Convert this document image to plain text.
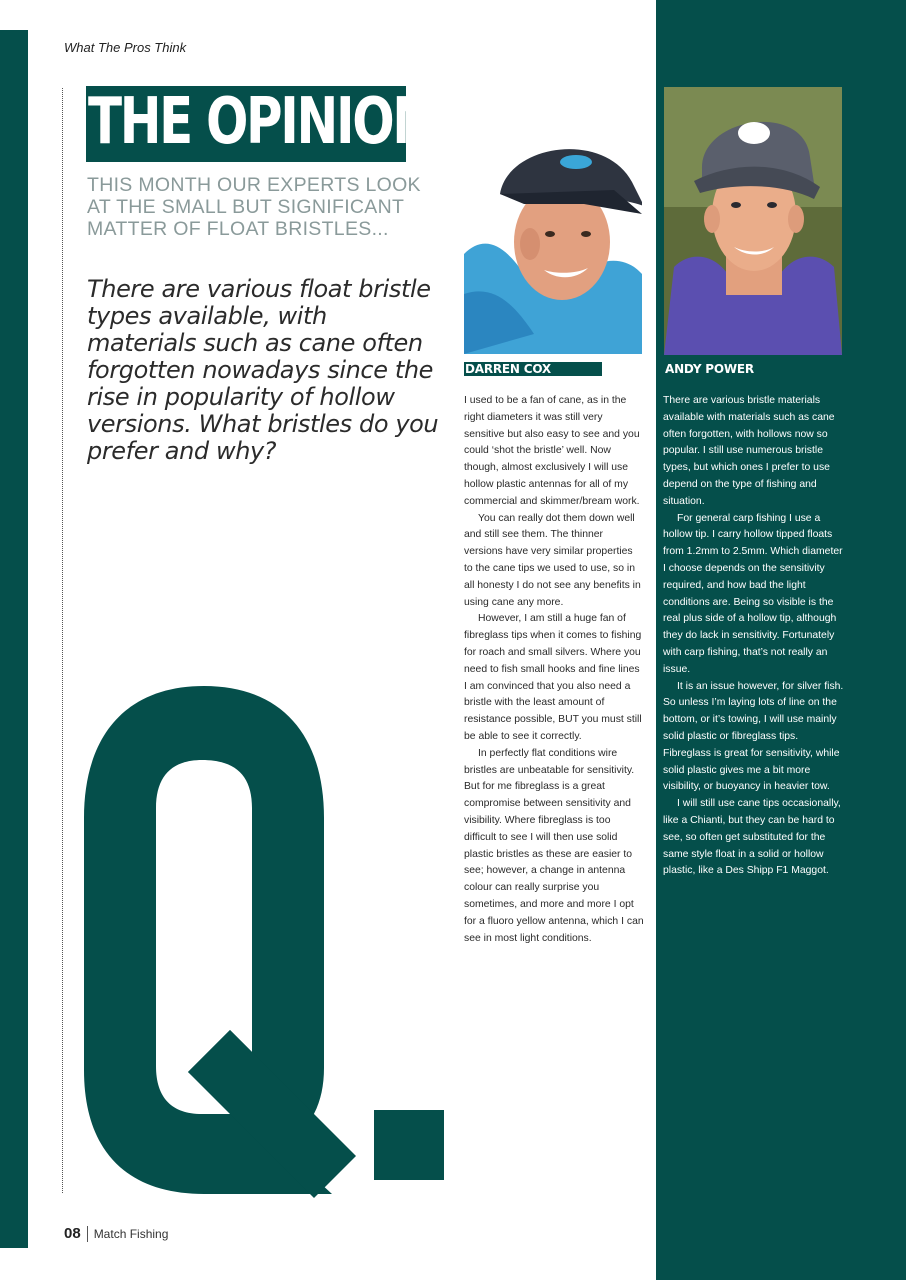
What The Pros Think
THE OPINION
THIS MONTH OUR EXPERTS LOOK AT THE SMALL BUT SIGNIFICANT MATTER OF FLOAT BRISTLES...
There are various float bristle types available, with materials such as cane often forgotten nowadays since the rise in popularity of hollow versions. What bristles do you prefer and why?
DARREN COX	ANDY POWER

I used to be a fan of cane, as in the right diameters it was still very sensitive but also easy to see and you could ‘shot the bristle’ well. Now though, almost exclusively I will use hollow plastic antennas for all of my commercial and skimmer/bream work.

You can really dot them down well and still see them. The thinner versions have very similar properties to the cane tips we used to use, so in all honesty I do not see any benefits in using cane any more.

However, I am still a huge fan of fibreglass tips when it comes to fishing for roach and small silvers. Where you need to fish small hooks and fine lines I am convinced that you also need a bristle with the least amount of resistance possible, BUT you must still be able to see it correctly.

In perfectly flat conditions wire bristles are unbeatable for sensitivity. But for me fibreglass is a great compromise between sensitivity and visibility. Where fibreglass is too difficult to see I will then use solid plastic bristles as these are easier to see; however, a change in antenna colour can really surprise you sometimes, and more and more I opt for a fluoro yellow antenna, which I can see in most light conditions.

There are various bristle materials available with materials such as cane often forgotten, with hollows now so popular. I still use numerous bristle types, but which ones I prefer to use depend on the type of fishing and situation.

For general carp fishing I use a hollow tip. I carry hollow tipped floats from 1.2mm to 2.5mm. Which diameter I choose depends on the sensitivity required, and how bad the light conditions are. Being so visible is the real plus side of a hollow tip, although they do lack in sensitivity. Fortunately with carp fishing, that’s not really an issue.

It is an issue however, for silver fish. So unless I’m laying lots of line on the bottom, or it’s towing, I will use mainly solid plastic or fibreglass tips. Fibreglass is great for sensitivity, while solid plastic gives me a bit more visibility, or buoyancy in heavier tow.

I will still use cane tips occasionally, like a Chianti, but they can be hard to see, so often get substituted for the same style float in a solid or hollow plastic, like a Des Shipp F1 Maggot.

08 Match Fishing
